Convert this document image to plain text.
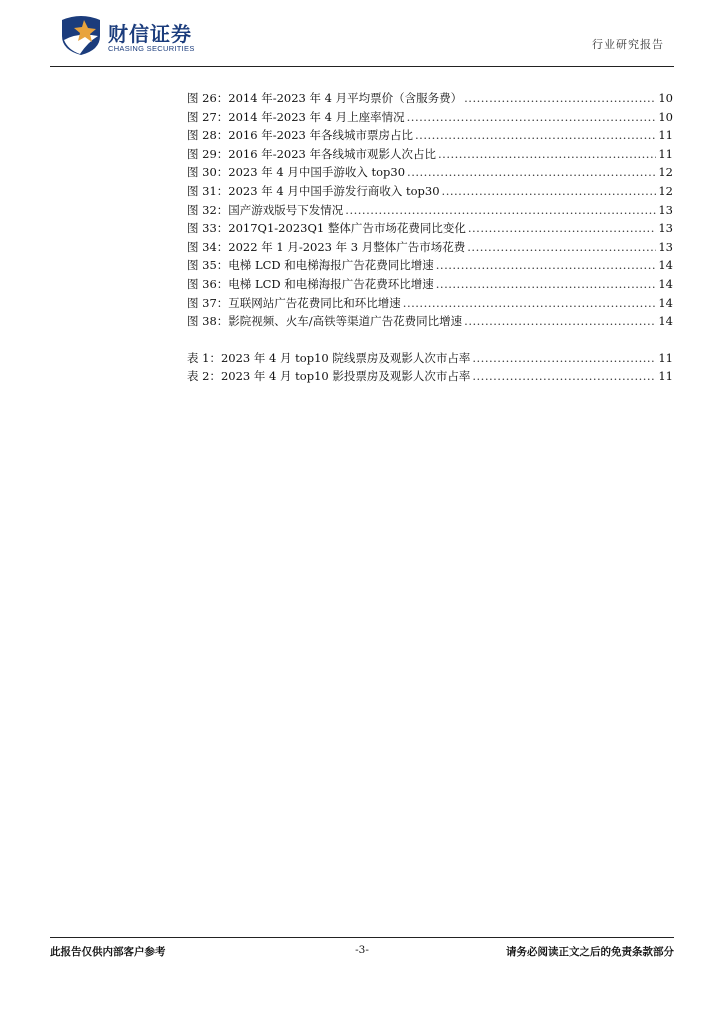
财信证券
CHASING SECURITIES	行业研究报告
图 26：2014 年-2023 年 4 月平均票价（含服务费） .....	10
图 27：2014 年-2023 年 4 月上座率情况 .....	10
图 28：2016 年-2023 年各线城市票房占比 .....	11
图 29：2016 年-2023 年各线城市观影人次占比 .....	11
图 30：2023 年 4 月中国手游收入 top30 .....	12
图 31：2023 年 4 月中国手游发行商收入 top30 .....	12
图 32：国产游戏版号下发情况 .....	13
图 33：2017Q1-2023Q1 整体广告市场花费同比变化 .....	13
图 34：2022 年 1 月-2023 年 3 月整体广告市场花费 .....	13
图 35：电梯 LCD 和电梯海报广告花费同比增速 .....	14
图 36：电梯 LCD 和电梯海报广告花费环比增速 .....	14
图 37：互联网站广告花费同比和环比增速 .....	14
图 38：影院视频、火车/高铁等渠道广告花费同比增速 .....	14
表 1：2023 年 4 月 top10 院线票房及观影人次市占率 .....	11
表 2：2023 年 4 月 top10 影投票房及观影人次市占率 .....	11
此报告仅供内部客户参考	-3-	请务必阅读正文之后的免责条款部分
